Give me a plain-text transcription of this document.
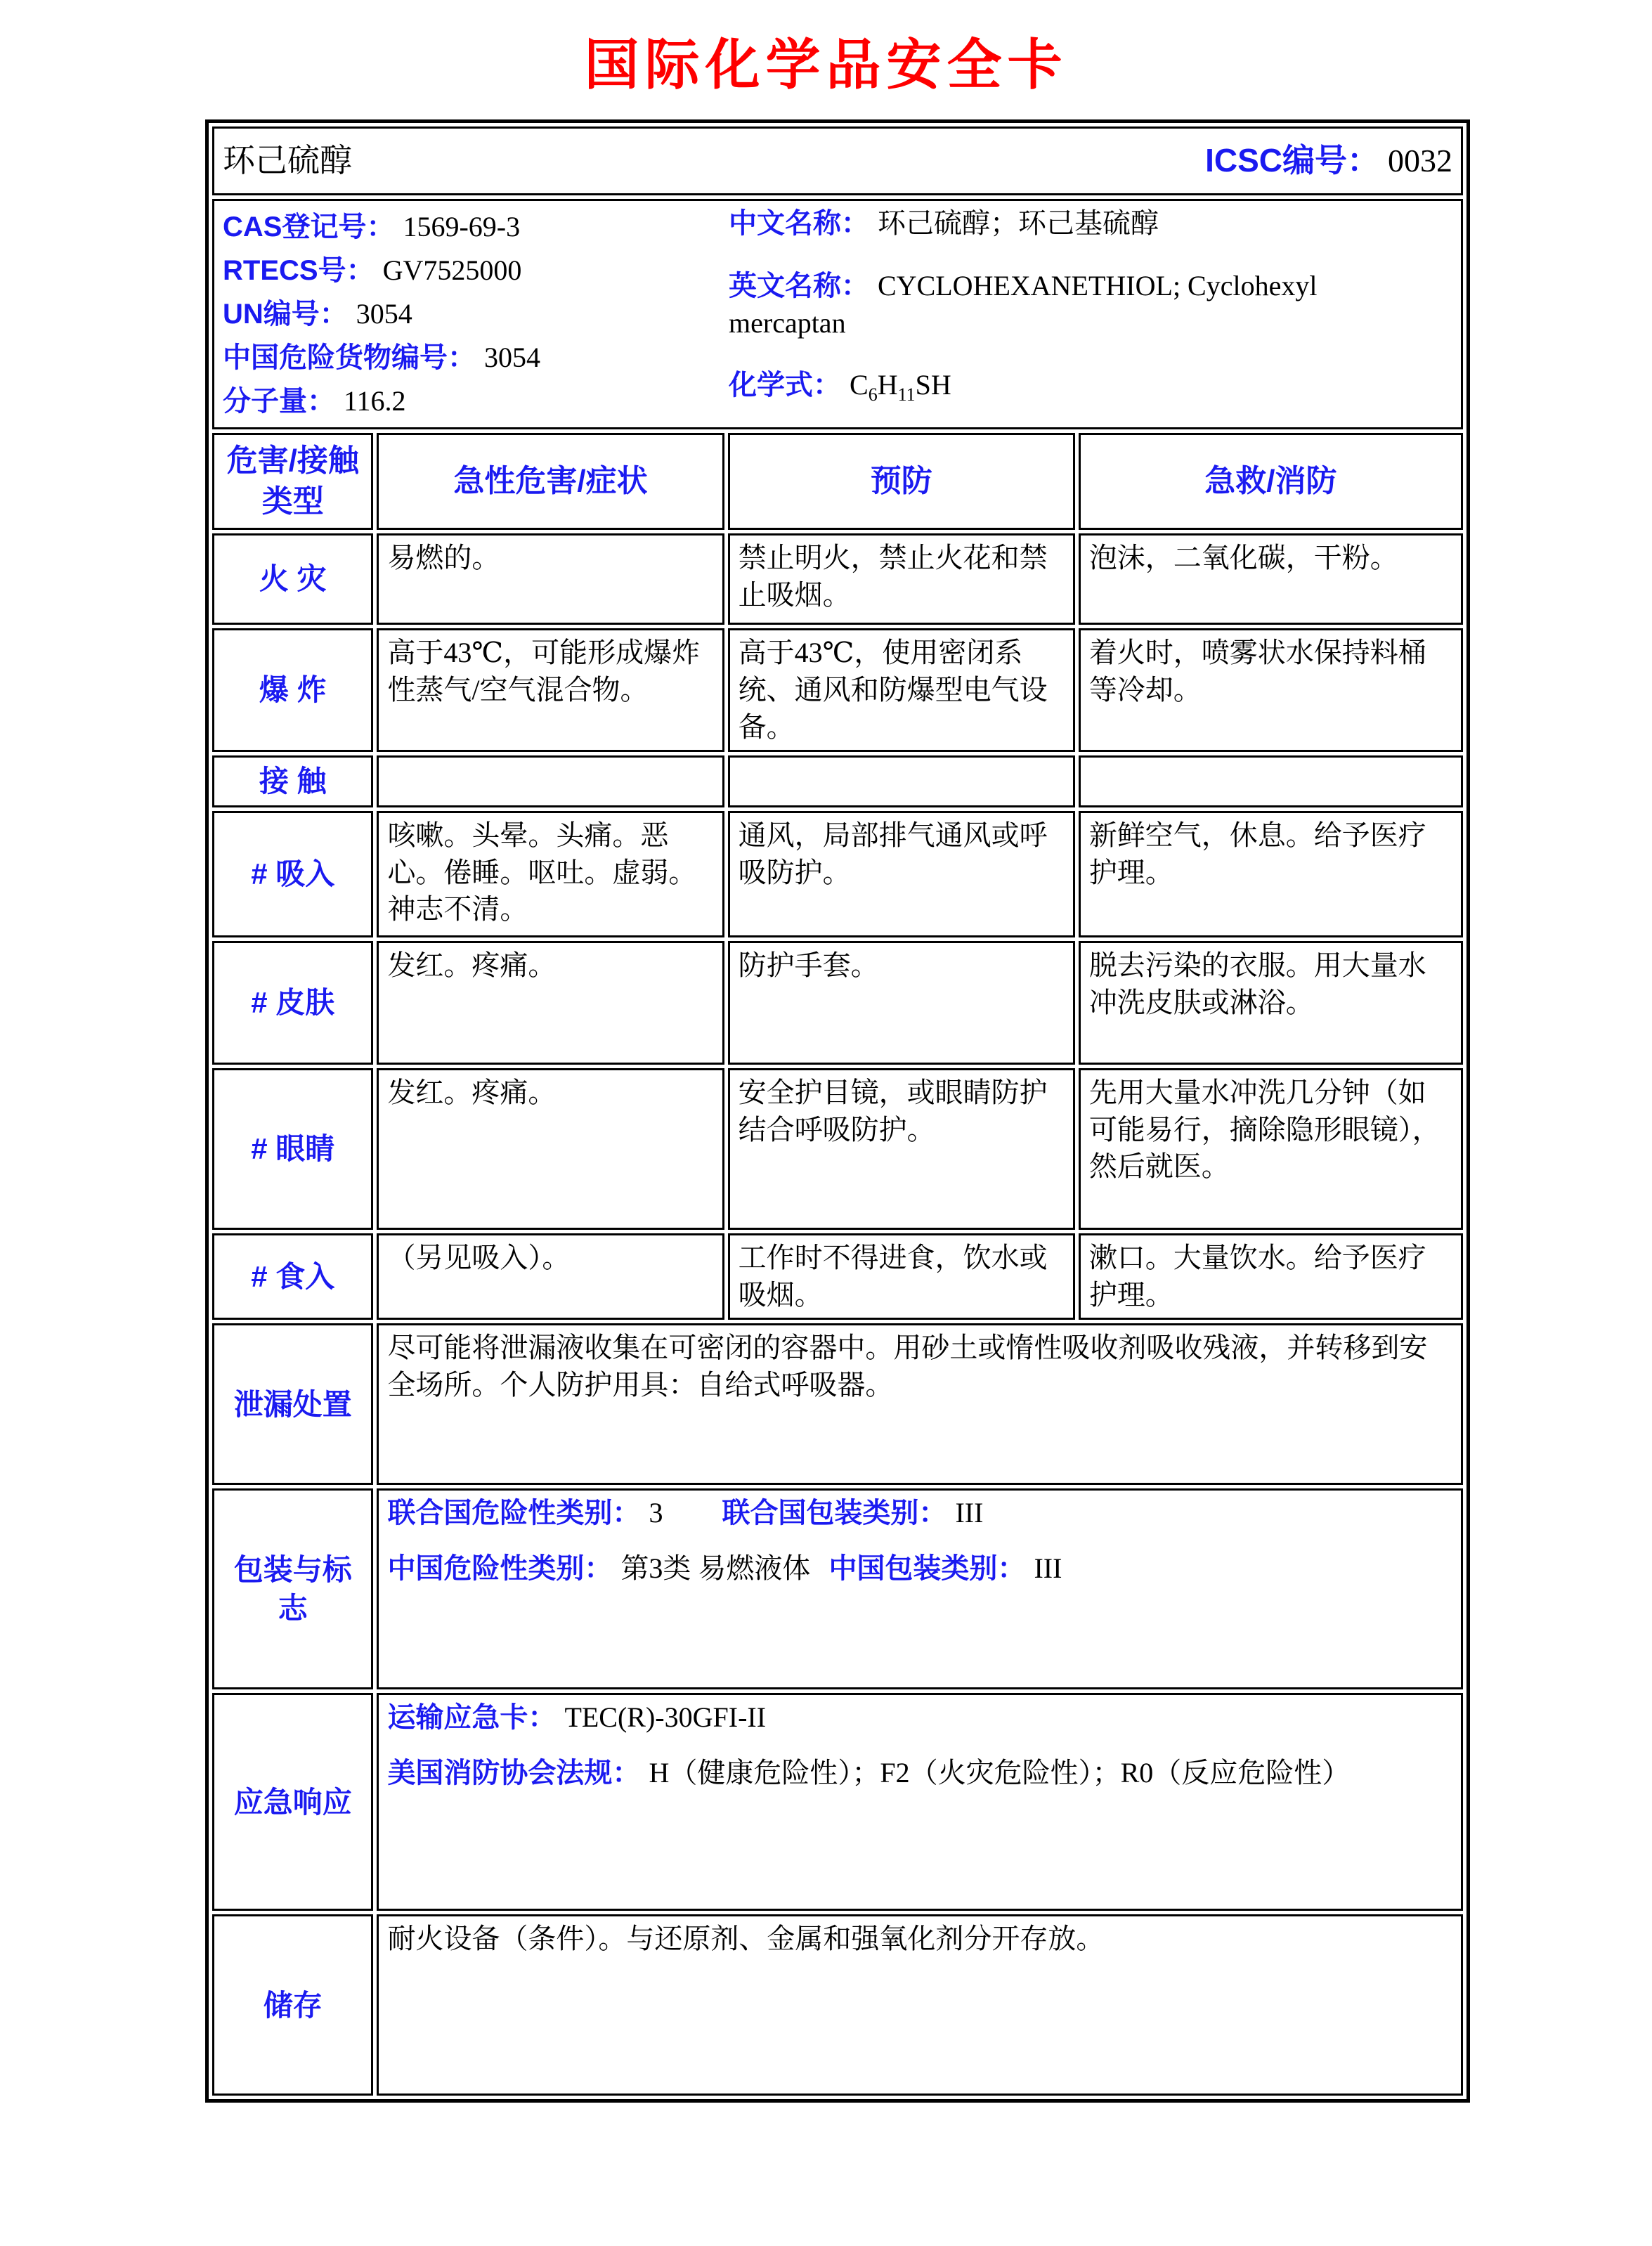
国际化学品安全卡
环己硫醇 ICSC编号： 0032			

CAS登记号： 1569-69-3
RTECS号： GV7525000
UN编号： 3054
中国危险货物编号： 3054
分子量： 116.2
中文名称： 环己硫醇；环己基硫醇
英文名称： CYCLOHEXANETHIOL; Cyclohexyl mercaptan
化学式： $C_6H_{11}SH$

危害/接触类型	急性危害/症状	预防	急救/消防
火 灾	易燃的。	禁止明火，禁止火花和禁止吸烟。	泡沫，二氧化碳，干粉。
爆 炸	高于43℃，可能形成爆炸性蒸气/空气混合物。	高于43℃，使用密闭系统、通风和防爆型电气设备。	着火时，喷雾状水保持料桶等冷却。
接 触			
# 吸入	咳嗽。头晕。头痛。恶心。倦睡。呕吐。虚弱。神志不清。	通风，局部排气通风或呼吸防护。	新鲜空气，休息。给予医疗护理。
# 皮肤	发红。疼痛。	防护手套。	脱去污染的衣服。用大量水冲洗皮肤或淋浴。
# 眼睛	发红。疼痛。	安全护目镜，或眼睛防护结合呼吸防护。	先用大量水冲洗几分钟（如可能易行，摘除隐形眼镜），然后就医。
# 食入	（另见吸入）。	工作时不得进食，饮水或吸烟。	漱口。大量饮水。给予医疗护理。
泄漏处置	尽可能将泄漏液收集在可密闭的容器中。用砂土或惰性吸收剂吸收残液，并转移到安全场所。个人防护用具：自给式呼吸器。		
包装与标志	联合国危险性类别： 3 联合国包装类别： III
中国危险性类别： 第3类 易燃液体 中国包装类别： III		

应急响应	运输应急卡： TEC(R)-30GFI-II
美国消防协会法规： H（健康危险性）；F2（火灾危险性）；R0（反应危险性）		

储存	耐火设备（条件）。与还原剂、金属和强氧化剂分开存放。		
